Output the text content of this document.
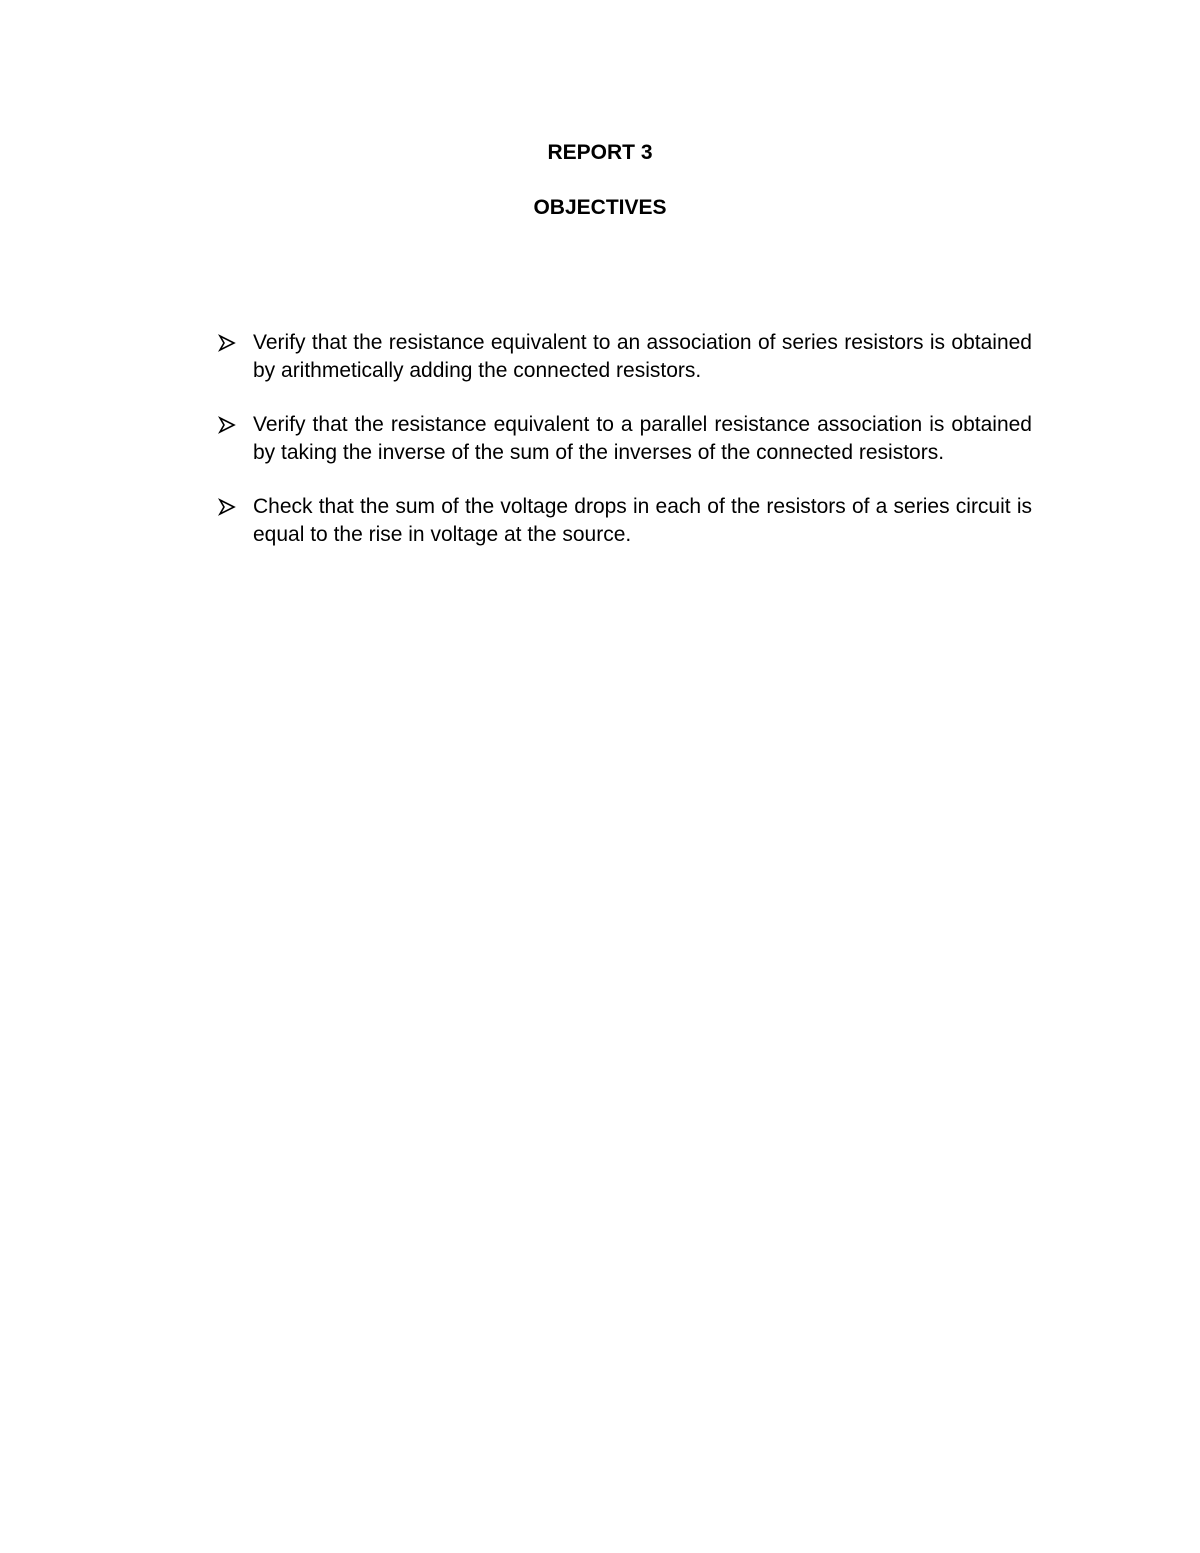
REPORT 3
OBJECTIVES
Verify that the resistance equivalent to an association of series resistors is obtained by arithmetically adding the connected resistors.
Verify that the resistance equivalent to a parallel resistance association is obtained by taking the inverse of the sum of the inverses of the connected resistors.
Check that the sum of the voltage drops in each of the resistors of a series circuit is equal to the rise in voltage at the source.
